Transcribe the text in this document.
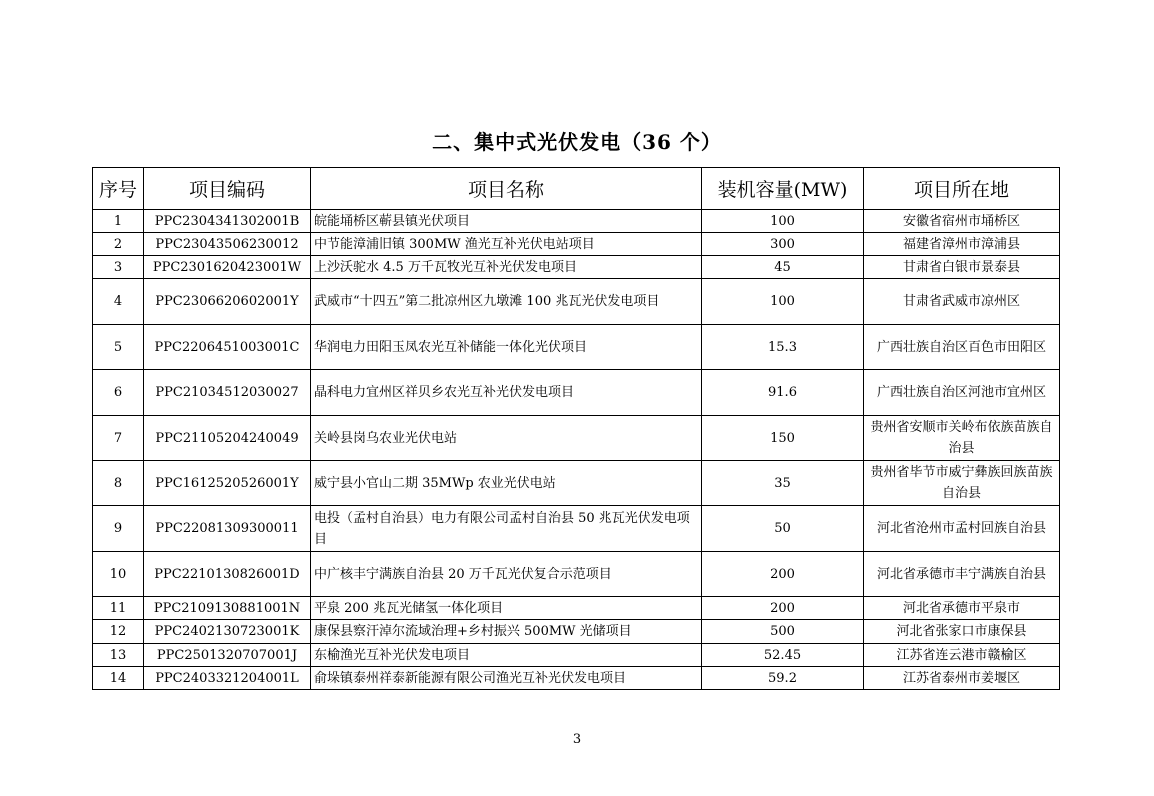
二、集中式光伏发电（36 个）
序号	项目编码	项目名称	装机容量(MW)	项目所在地
1	PPC2304341302001B	皖能埇桥区蕲县镇光伏项目	100	安徽省宿州市埇桥区
2	PPC23043506230012	中节能漳浦旧镇 300MW 渔光互补光伏电站项目	300	福建省漳州市漳浦县
3	PPC2301620423001W	上沙沃驼水 4.5 万千瓦牧光互补光伏发电项目	45	甘肃省白银市景泰县
4	PPC2306620602001Y	武威市“十四五”第二批凉州区九墩滩 100 兆瓦光伏发电项目	100	甘肃省武威市凉州区
5	PPC2206451003001C	华润电力田阳玉凤农光互补储能一体化光伏项目	15.3	广西壮族自治区百色市田阳区
6	PPC21034512030027	晶科电力宜州区祥贝乡农光互补光伏发电项目	91.6	广西壮族自治区河池市宜州区
7	PPC21105204240049	关岭县岗乌农业光伏电站	150	贵州省安顺市关岭布依族苗族自治县
8	PPC1612520526001Y	威宁县小官山二期 35MWp 农业光伏电站	35	贵州省毕节市威宁彝族回族苗族自治县
9	PPC22081309300011	电投（孟村自治县）电力有限公司孟村自治县 50 兆瓦光伏发电项目	50	河北省沧州市孟村回族自治县
10	PPC2210130826001D	中广核丰宁满族自治县 20 万千瓦光伏复合示范项目	200	河北省承德市丰宁满族自治县
11	PPC2109130881001N	平泉 200 兆瓦光储氢一体化项目	200	河北省承德市平泉市
12	PPC2402130723001K	康保县察汗淖尔流域治理+乡村振兴 500MW 光储项目	500	河北省张家口市康保县
13	PPC2501320707001J	东榆渔光互补光伏发电项目	52.45	江苏省连云港市赣榆区
14	PPC2403321204001L	俞垛镇泰州祥泰新能源有限公司渔光互补光伏发电项目	59.2	江苏省泰州市姜堰区
3
